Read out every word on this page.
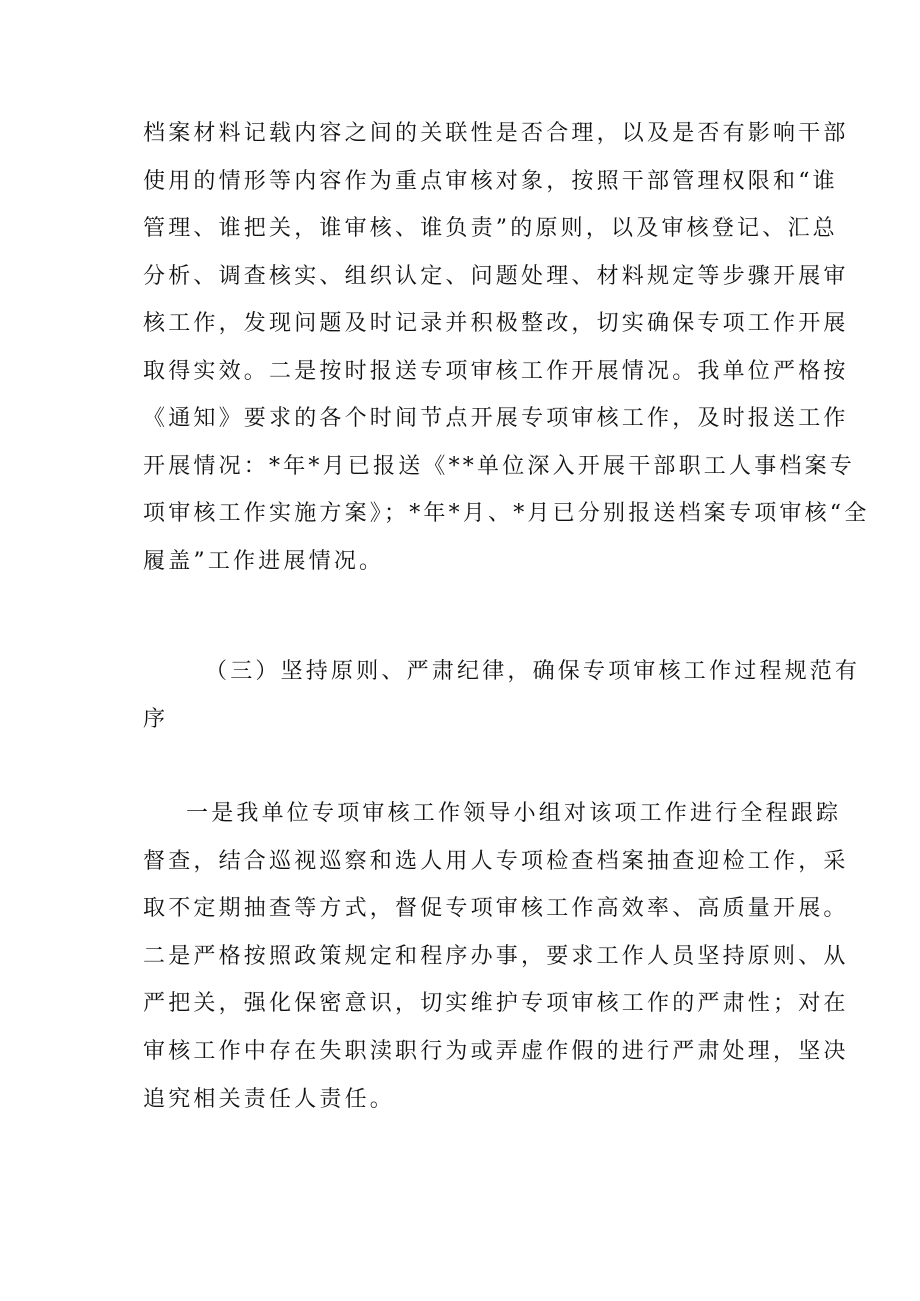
档案材料记载内容之间的关联性是否合理，以及是否有影响干部
使用的情形等内容作为重点审核对象，按照干部管理权限和“谁
管理、谁把关，谁审核、谁负责”的原则，以及审核登记、汇总
分析、调查核实、组织认定、问题处理、材料规定等步骤开展审
核工作，发现问题及时记录并积极整改，切实确保专项工作开展
取得实效。二是按时报送专项审核工作开展情况。我单位严格按
《通知》要求的各个时间节点开展专项审核工作，及时报送工作
开展情况：*年*月已报送《**单位深入开展干部职工人事档案专
项审核工作实施方案》；*年*月、*月已分别报送档案专项审核“全
履盖”工作进展情况。
（三）坚持原则、严肃纪律，确保专项审核工作过程规范有
序
一是我单位专项审核工作领导小组对该项工作进行全程跟踪
督查，结合巡视巡察和选人用人专项检查档案抽查迎检工作，采
取不定期抽查等方式，督促专项审核工作高效率、高质量开展。
二是严格按照政策规定和程序办事，要求工作人员坚持原则、从
严把关，强化保密意识，切实维护专项审核工作的严肃性；对在
审核工作中存在失职渎职行为或弄虚作假的进行严肃处理，坚决
追究相关责任人责任。
